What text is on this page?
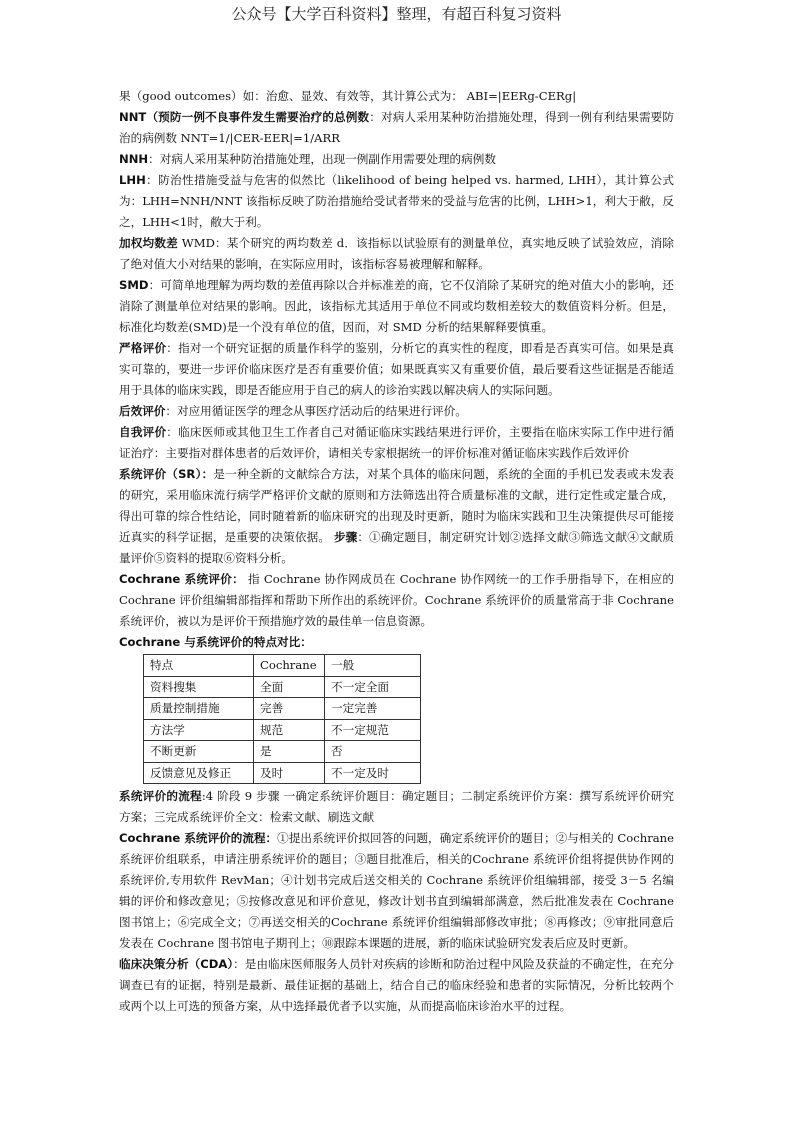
公众号【大学百科资料】整理，有超百科复习资料

果（good outcomes）如：治愈、显效、有效等，其计算公式为： ABI=|EERg-CERg|

NNT（预防一例不良事件发生需要治疗的总例数：对病人采用某种防治措施处理，得到一例有利结果需要防治的病例数 NNT=1/|CER-EER|=1/ARR

NNH：对病人采用某种防治措施处理，出现一例副作用需要处理的病例数

LHH：防治性措施受益与危害的似然比（likelihood of being helped vs. harmed, LHH），其计算公式为：LHH=NNH/NNT 该指标反映了防治措施给受试者带来的受益与危害的比例，LHH>1，利大于敝，反之，LHH<1时，敝大于利。

加权均数差 WMD：某个研究的两均数差 d．该指标以试验原有的测量单位，真实地反映了试验效应，消除了绝对值大小对结果的影响，在实际应用时，该指标容易被理解和解释。

SMD：可简单地理解为两均数的差值再除以合并标准差的商，它不仅消除了某研究的绝对值大小的影响，还消除了测量单位对结果的影响。因此，该指标尤其适用于单位不同或均数相差较大的数值资料分析。但是，标准化均数差(SMD)是一个没有单位的值，因而，对 SMD 分析的结果解释要慎重。

严格评价：指对一个研究证据的质量作科学的鉴别，分析它的真实性的程度，即看是否真实可信。如果是真实可靠的，要进一步评价临床医疗是否有重要价值；如果既真实又有重要价值，最后要看这些证据是否能适用于具体的临床实践，即是否能应用于自己的病人的诊治实践以解决病人的实际问题。

后效评价：对应用循证医学的理念从事医疗活动后的结果进行评价。

自我评价：临床医师或其他卫生工作者自己对循证临床实践结果进行评价，主要指在临床实际工作中进行循证治疗：主要指对群体患者的后效评价，请相关专家根据统一的评价标准对循证临床实践作后效评价

系统评价（SR）：是一种全新的文献综合方法，对某个具体的临床问题，系统的全面的手机已发表或未发表的研究，采用临床流行病学严格评价文献的原则和方法筛选出符合质量标准的文献，进行定性或定量合成，得出可靠的综合性结论，同时随着新的临床研究的出现及时更新，随时为临床实践和卫生决策提供尽可能接近真实的科学证据，是重要的决策依据。 步骤：①确定题目，制定研究计划②选择文献③筛选文献④文献质量评价⑤资料的提取⑥资料分析。

Cochrane 系统评价： 指 Cochrane 协作网成员在 Cochrane 协作网统一的工作手册指导下，在相应的 Cochrane 评价组编辑部指挥和帮助下所作出的系统评价。Cochrane 系统评价的质量常高于非 Cochrane 系统评价，被以为是评价干预措施疗效的最佳单一信息资源。

Cochrane 与系统评价的特点对比：

特点	Cochrane	一般
资料搜集	全面	不一定全面
质量控制措施	完善	一定完善
方法学	规范	不一定规范
不断更新	是	否
反馈意见及修正	及时	不一定及时

系统评价的流程:4 阶段 9 步骤 一确定系统评价题目：确定题目；二制定系统评价方案：撰写系统评价研究方案；三完成系统评价全文：检索文献、刷选文献

Cochrane 系统评价的流程：①提出系统评价拟回答的问题，确定系统评价的题目；②与相关的 Cochrane 系统评价组联系，申请注册系统评价的题目；③题目批准后，相关的Cochrane 系统评价组将提供协作网的系统评价,专用软件 RevMan；④计划书完成后送交相关的 Cochrane 系统评价组编辑部，接受 3－5 名编辑的评价和修改意见；⑤按修改意见和评价意见，修改计划书直到编辑部满意，然后批准发表在 Cochrane 图书馆上；⑥完成全文；⑦再送交相关的Cochrane 系统评价组编辑部修改审批；⑧再修改；⑨审批同意后发表在 Cochrane 图书馆电子期刊上；⑩跟踪本课题的进展，新的临床试验研究发表后应及时更新。

临床决策分析（CDA）：是由临床医师服务人员针对疾病的诊断和防治过程中风险及获益的不确定性，在充分调查已有的证据，特别是最新、最佳证据的基础上，结合自己的临床经验和患者的实际情况，分析比较两个或两个以上可选的预备方案，从中选择最优者予以实施，从而提高临床诊治水平的过程。
